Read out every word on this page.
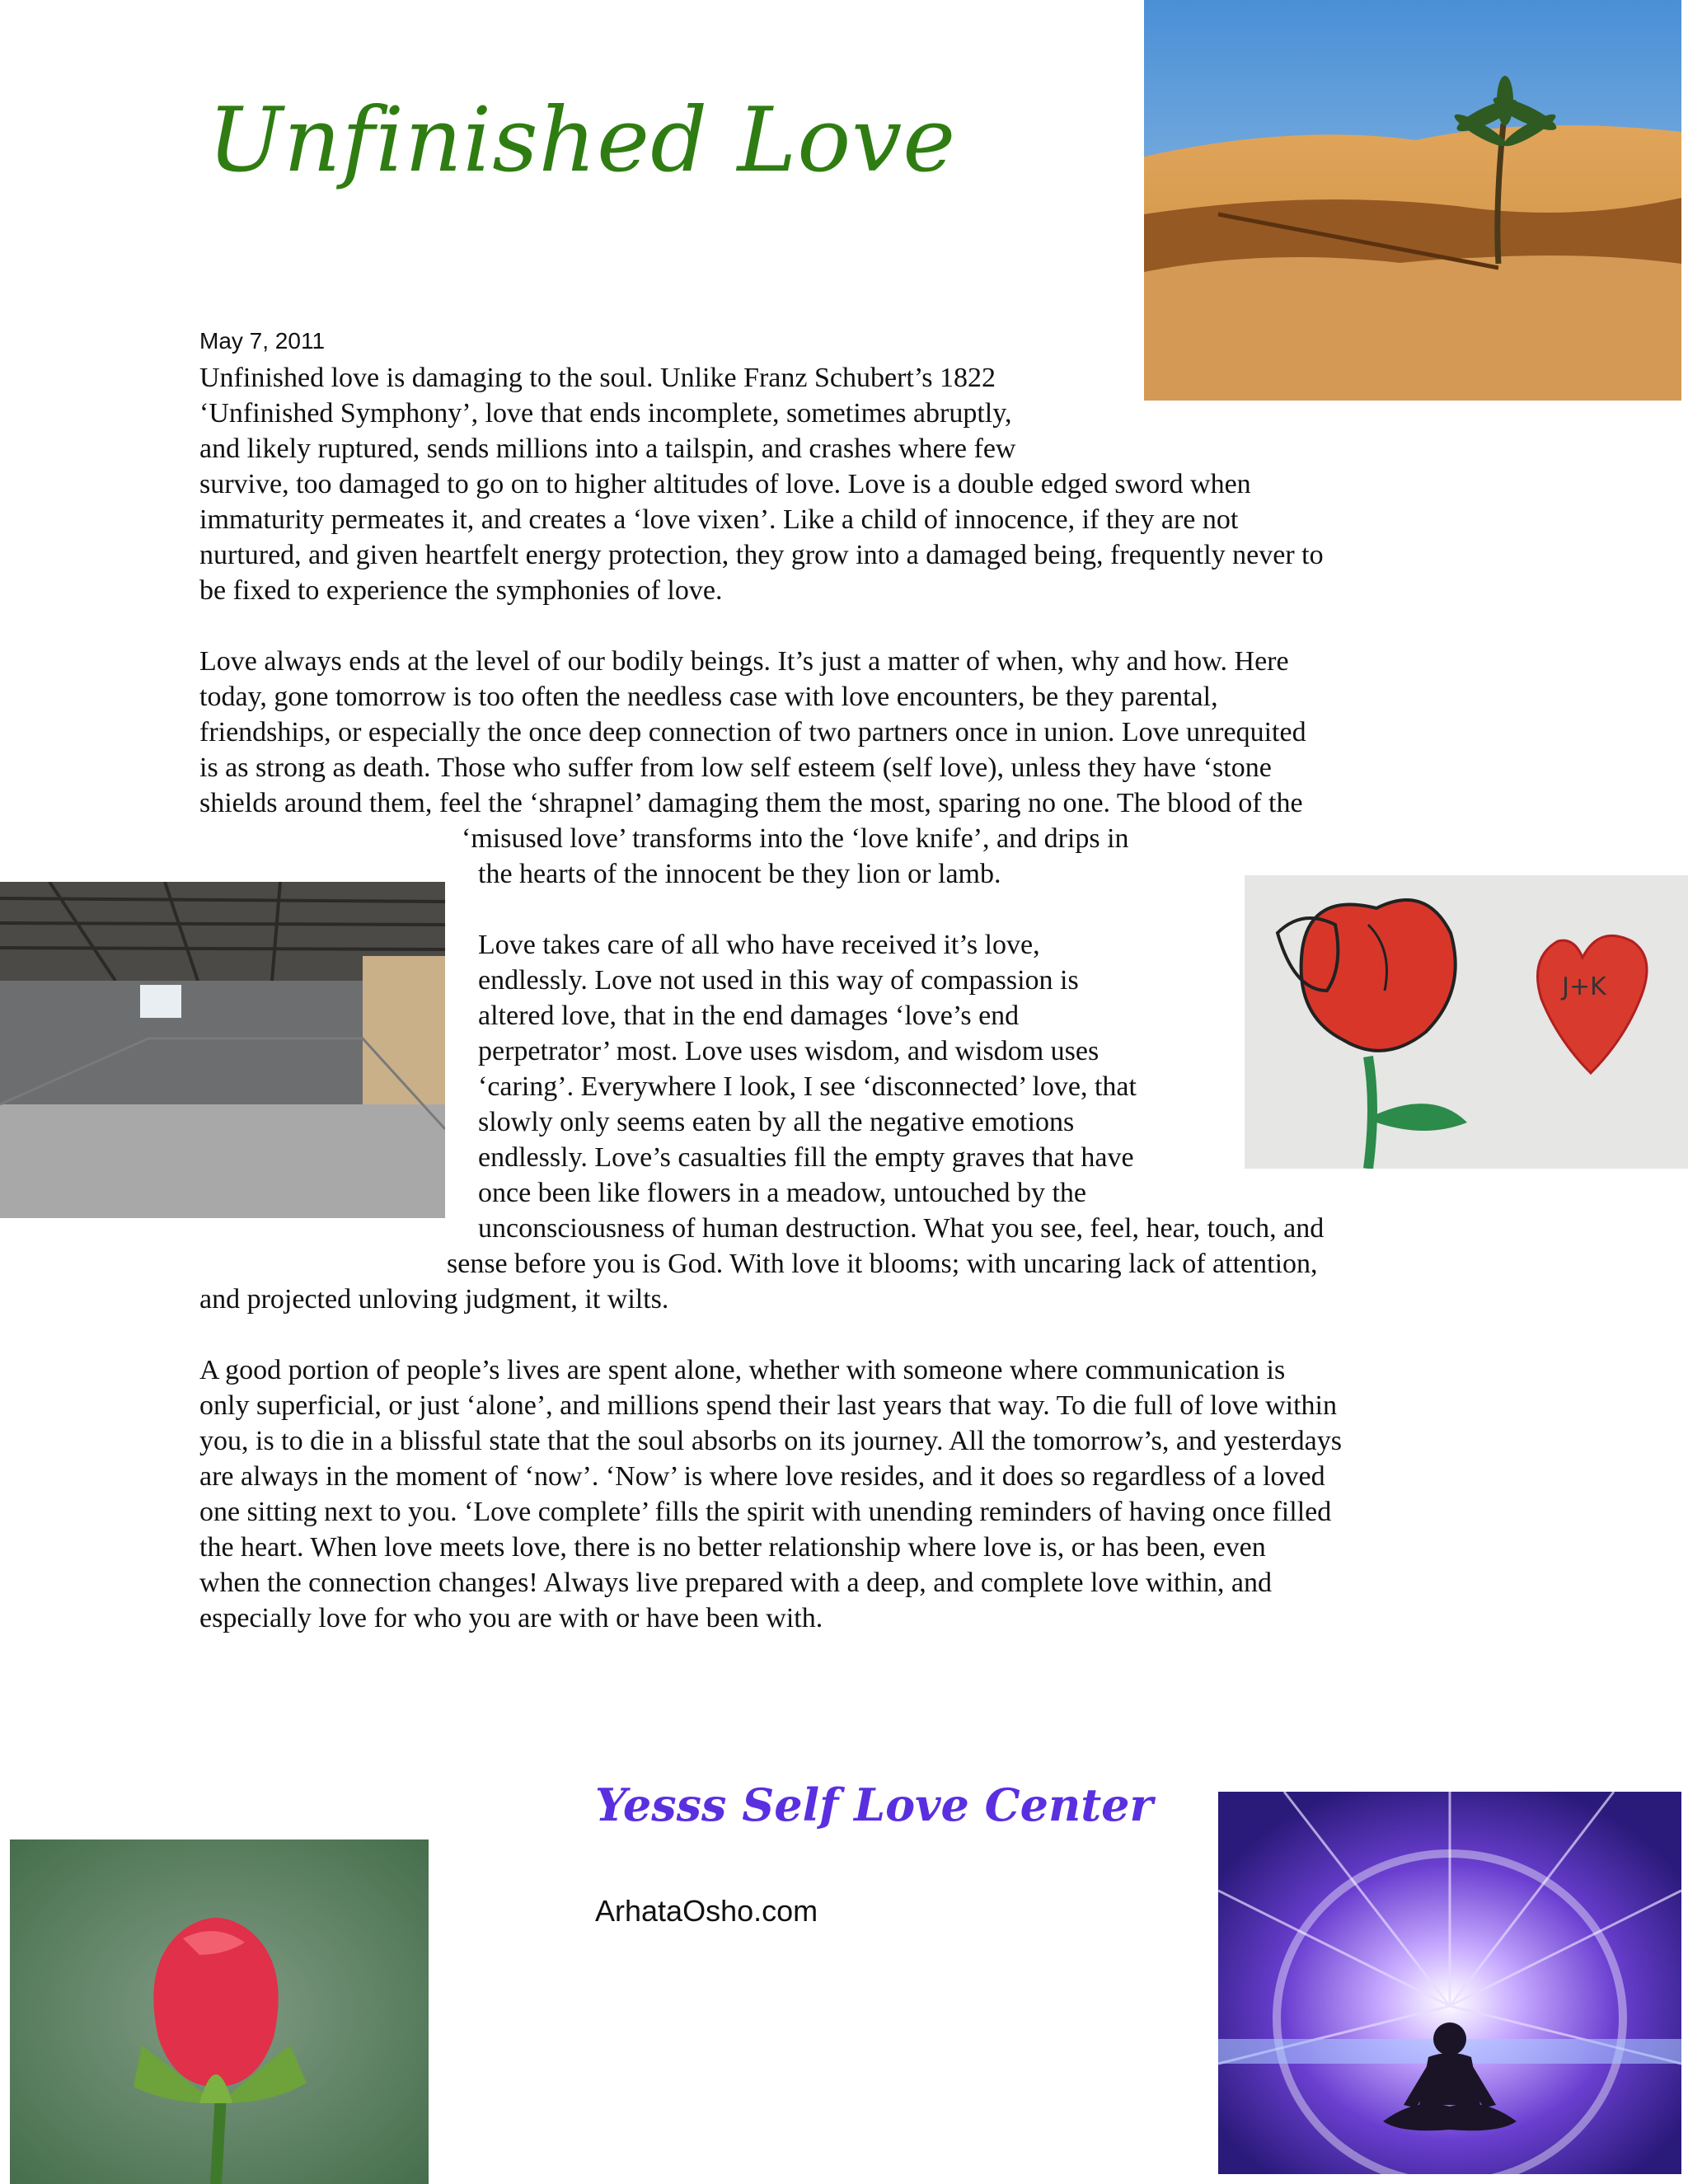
Unfinished Love
May 7, 2011
J+K
Unfinished love is damaging to the soul. Unlike Franz Schubert’s 1822
‘Unfinished Symphony’, love that ends incomplete, sometimes abruptly,
and likely ruptured, sends millions into a tailspin, and crashes where few
survive, too damaged to go on to higher altitudes of love. Love is a double edged sword when
immaturity permeates it, and creates a ‘love vixen’. Like a child of innocence, if they are not
nurtured, and given heartfelt energy protection, they grow into a damaged being, frequently never to
be fixed to experience the symphonies of love.
Love always ends at the level of our bodily beings. It’s just a matter of when, why and how. Here
today, gone tomorrow is too often the needless case with love encounters, be they parental,
friendships, or especially the once deep connection of two partners once in union. Love unrequited
is as strong as death. Those who suffer from low self esteem (self love), unless they have ‘stone
shields around them, feel the ‘shrapnel’ damaging them the most, sparing no one. The blood of the
‘misused love’ transforms into the ‘love knife’, and drips in
the hearts of the innocent be they lion or lamb.
Love takes care of all who have received it’s love,
endlessly. Love not used in this way of compassion is
altered love, that in the end damages ‘love’s end
perpetrator’ most. Love uses wisdom, and wisdom uses
‘caring’. Everywhere I look, I see ‘disconnected’ love, that
slowly only seems eaten by all the negative emotions
endlessly. Love’s casualties fill the empty graves that have
once been like flowers in a meadow, untouched by the
unconsciousness of human destruction. What you see, feel, hear, touch, and
sense before you is God. With love it blooms; with uncaring lack of attention,
and projected unloving judgment, it wilts.
A good portion of people’s lives are spent alone, whether with someone where communication is
only superficial, or just ‘alone’, and millions spend their last years that way. To die full of love within
you, is to die in a blissful state that the soul absorbs on its journey. All the tomorrow’s, and yesterdays
are always in the moment of ‘now’. ‘Now’ is where love resides, and it does so regardless of a loved
one sitting next to you. ‘Love complete’ fills the spirit with unending reminders of having once filled
the heart. When love meets love, there is no better relationship where love is, or has been, even
when the connection changes! Always live prepared with a deep, and complete love within, and
especially love for who you are with or have been with.
Yesss Self Love Center
ArhataOsho.com
